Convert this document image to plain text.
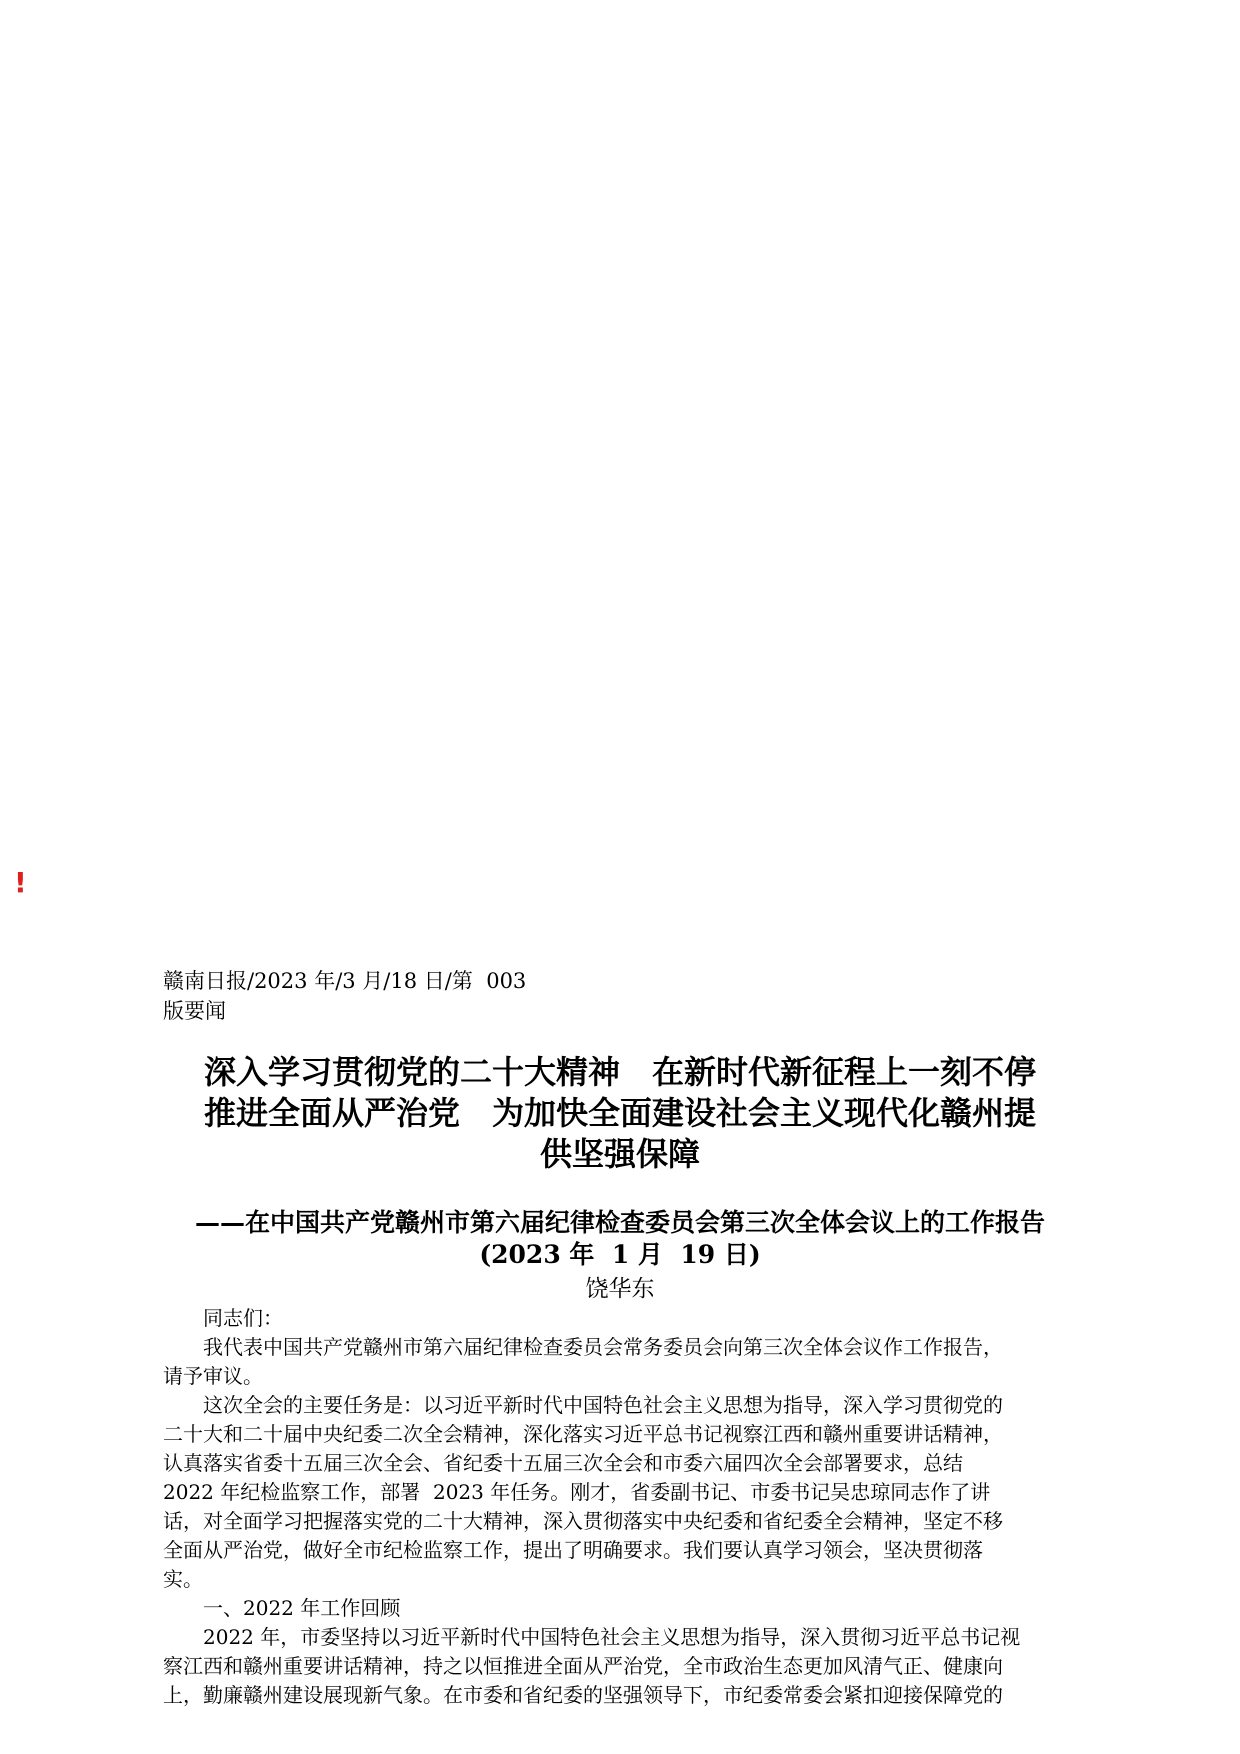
!
赣南日报/2023 年/3 月/18 日/第  003
版要闻
深入学习贯彻党的二十大精神　在新时代新征程上一刻不停
推进全面从严治党　为加快全面建设社会主义现代化赣州提
供坚强保障
——在中国共产党赣州市第六届纪律检查委员会第三次全体会议上的工作报告
(2023 年  1 月  19 日)
饶华东
　　同志们：
　　我代表中国共产党赣州市第六届纪律检查委员会常务委员会向第三次全体会议作工作报告，
请予审议。
　　这次全会的主要任务是：以习近平新时代中国特色社会主义思想为指导，深入学习贯彻党的
二十大和二十届中央纪委二次全会精神，深化落实习近平总书记视察江西和赣州重要讲话精神，
认真落实省委十五届三次全会、省纪委十五届三次全会和市委六届四次全会部署要求，总结
2022 年纪检监察工作，部署  2023 年任务。刚才，省委副书记、市委书记吴忠琼同志作了讲
话，对全面学习把握落实党的二十大精神，深入贯彻落实中央纪委和省纪委全会精神，坚定不移
全面从严治党，做好全市纪检监察工作，提出了明确要求。我们要认真学习领会，坚决贯彻落
实。
　　一、2022 年工作回顾
　　2022 年，市委坚持以习近平新时代中国特色社会主义思想为指导，深入贯彻习近平总书记视
察江西和赣州重要讲话精神，持之以恒推进全面从严治党，全市政治生态更加风清气正、健康向
上，勤廉赣州建设展现新气象。在市委和省纪委的坚强领导下，市纪委常委会紧扣迎接保障党的
